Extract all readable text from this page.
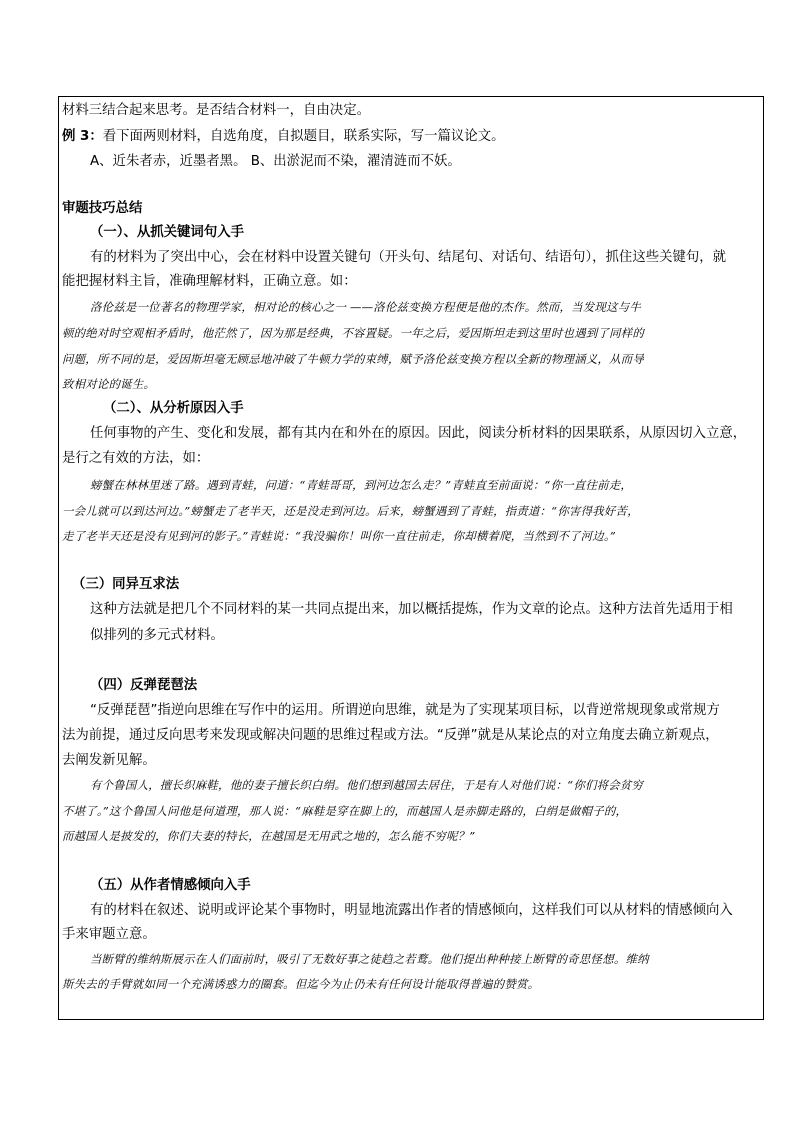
材料三结合起来思考。是否结合材料一，自由决定。
例 3：看下面两则材料，自选角度，自拟题目，联系实际，写一篇议论文。
A、近朱者赤，近墨者黑。 B、出淤泥而不染，濯清涟而不妖。
审题技巧总结
（一）、从抓关键词句入手
有的材料为了突出中心，会在材料中设置关键句（开头句、结尾句、对话句、结语句），抓住这些关键句，就
能把握材料主旨，准确理解材料，正确立意。如：
洛伦兹是一位著名的物理学家，相对论的核心之一 ——洛伦兹变换方程便是他的杰作。然而，当发现这与牛
顿的绝对时空观相矛盾时，他茫然了，因为那是经典，不容置疑。一年之后，爱因斯坦走到这里时也遇到了同样的
问题，所不同的是，爱因斯坦毫无顾忌地冲破了牛顿力学的束缚，赋予洛伦兹变换方程以全新的物理涵义，从而导
致相对论的诞生。
（二）、从分析原因入手
任何事物的产生、变化和发展，都有其内在和外在的原因。因此，阅读分析材料的因果联系，从原因切入立意，
是行之有效的方法，如：
螃蟹在林林里迷了路。遇到青蛙，问道：“青蛙哥哥，到河边怎么走？”青蛙直至前面说：“你一直往前走，
一会儿就可以到达河边。”螃蟹走了老半天，还是没走到河边。后来，螃蟹遇到了青蛙，指责道：“你害得我好苦，
走了老半天还是没有见到河的影子。”青蛙说：“我没骗你！叫你一直往前走，你却横着爬，当然到不了河边。”
（三）同异互求法
这种方法就是把几个不同材料的某一共同点提出来，加以概括提炼，作为文章的论点。这种方法首先适用于相
似排列的多元式材料。
（四）反弹琵琶法
“反弹琵琶”指逆向思维在写作中的运用。所谓逆向思维，就是为了实现某项目标，以背逆常规现象或常规方
法为前提，通过反向思考来发现或解决问题的思维过程或方法。“反弹”就是从某论点的对立角度去确立新观点，
去阐发新见解。
有个鲁国人，擅长织麻鞋，他的妻子擅长织白绢。他们想到越国去居住，于是有人对他们说：“你们将会贫穷
不堪了。”这个鲁国人问他是何道理，那人说：“麻鞋是穿在脚上的，而越国人是赤脚走路的，白绢是做帽子的，
而越国人是披发的，你们夫妻的特长，在越国是无用武之地的，怎么能不穷呢？”
（五）从作者情感倾向入手
有的材料在叙述、说明或评论某个事物时，明显地流露出作者的情感倾向，这样我们可以从材料的情感倾向入
手来审题立意。
当断臂的维纳斯展示在人们面前时，吸引了无数好事之徒趋之若鹜。他们提出种种接上断臂的奇思怪想。维纳
斯失去的手臂就如同一个充满诱惑力的圈套。但迄今为止仍未有任何设计能取得普遍的赞赏。
